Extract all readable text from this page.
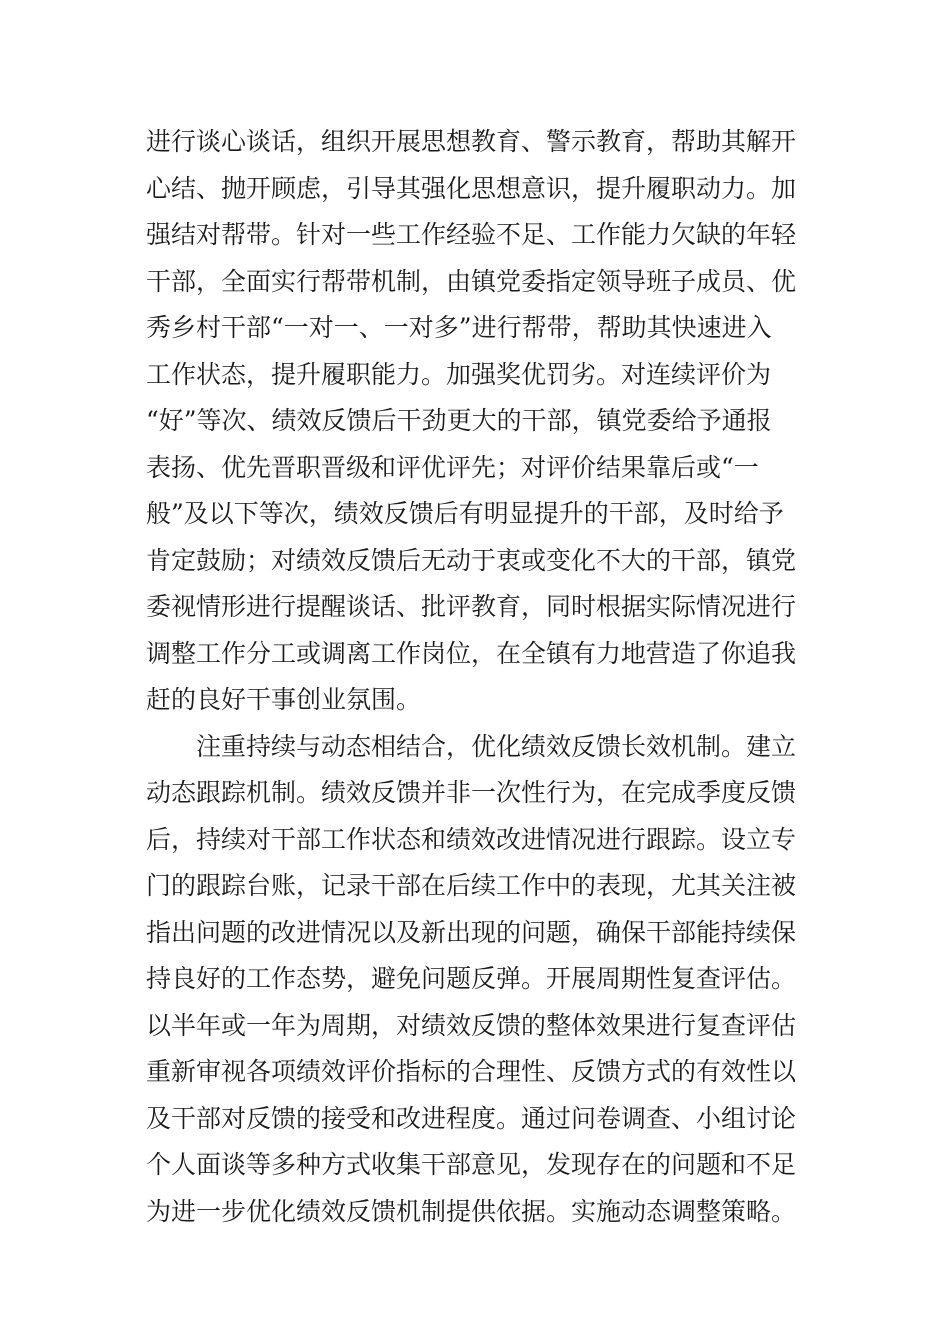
进行谈心谈话，组织开展思想教育、警示教育，帮助其解开
心结、抛开顾虑，引导其强化思想意识，提升履职动力。加
强结对帮带。针对一些工作经验不足、工作能力欠缺的年轻
干部，全面实行帮带机制，由镇党委指定领导班子成员、优
秀乡村干部“一对一、一对多”进行帮带，帮助其快速进入
工作状态，提升履职能力。加强奖优罚劣。对连续评价为
“好”等次、绩效反馈后干劲更大的干部，镇党委给予通报
表扬、优先晋职晋级和评优评先；对评价结果靠后或“一
般”及以下等次，绩效反馈后有明显提升的干部，及时给予
肯定鼓励；对绩效反馈后无动于衷或变化不大的干部，镇党
委视情形进行提醒谈话、批评教育，同时根据实际情况进行
调整工作分工或调离工作岗位，在全镇有力地营造了你追我
赶的良好干事创业氛围。
　　注重持续与动态相结合，优化绩效反馈长效机制。建立
动态跟踪机制。绩效反馈并非一次性行为，在完成季度反馈
后，持续对干部工作状态和绩效改进情况进行跟踪。设立专
门的跟踪台账，记录干部在后续工作中的表现，尤其关注被
指出问题的改进情况以及新出现的问题，确保干部能持续保
持良好的工作态势，避免问题反弹。开展周期性复查评估。
以半年或一年为周期，对绩效反馈的整体效果进行复查评估
重新审视各项绩效评价指标的合理性、反馈方式的有效性以
及干部对反馈的接受和改进程度。通过问卷调查、小组讨论
个人面谈等多种方式收集干部意见，发现存在的问题和不足
为进一步优化绩效反馈机制提供依据。实施动态调整策略。
